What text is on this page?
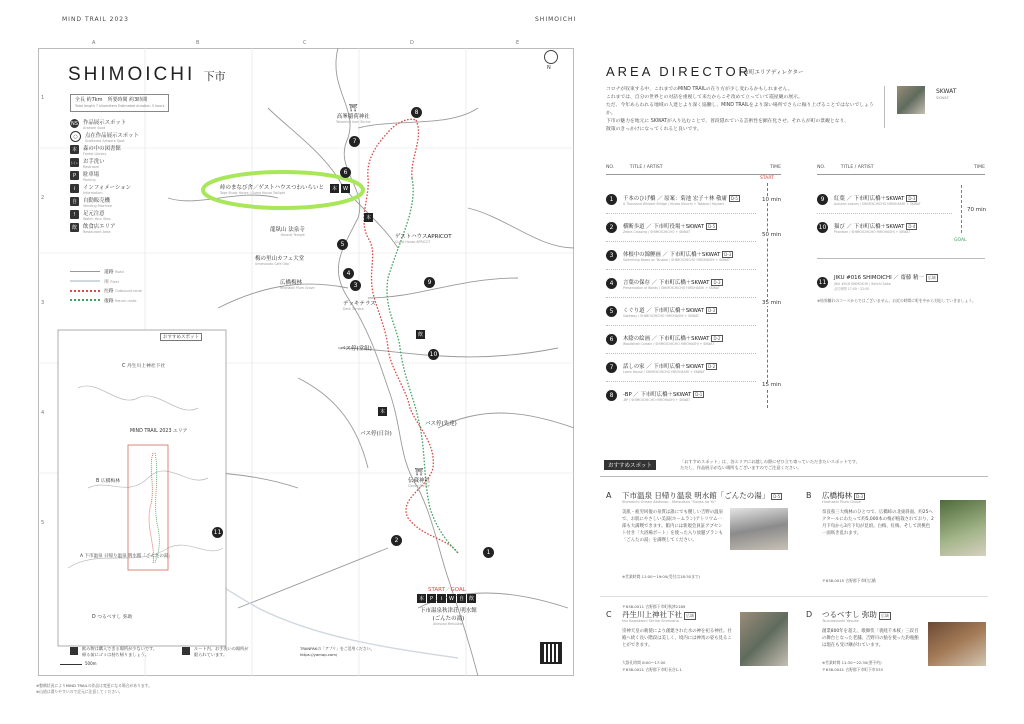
MIND TRAIL 2023	SHIMOICHI
A	B	C	D	E
1
2
3
4
5
SHIMOICHI 下市
全長 約7km　所要時間 約3時間
Total length 7 kilometers Estimated duration 3 hours
N
NS 作品展示スポット
Artwork Spot
○	点在作品展示スポット
Scattered Artwork Spot
本	森の中の図書館
Forest Library
トイレ お手洗い
Restroom
P	駐車場
Parking
i	インフォメーション
Information
自	自動販売機
Vending Machine
!	足元注意
Watch Your Step
飲	飲食店エリア
Restaurant Area
道路 Road
川 River
往路 Outbound route
復路 Return route
⛩
高峯稲荷神社
Takamine Inari Shrine
8
7
6
5
4
3	9
10
2
1
11
峠のまなび舎／ゲストハウスつわいらいと
Toge Study House / Guest House Twilight
本	W
本
龍臥山 法泉寺
Hosenji Temple	ゲストハウスAPRICOT
Guest House APRICOT
梅の里山カフェ大堂
Umenosato Cafe Odo
広橋梅林
Hirohashi Plum Grove
デッキテラス
Deck Terrace
飲
バス停(堂組)
本
バス停(日谷)
バス停(先達)
⛩
伝蔵神社
Denzo Shrine
START／GOAL
本	P	i	W	自 飲
下市温泉秋津荘 明水館
(ごんたの湯)
Akitsuso Meisuikan
おすすめスポット
C 丹生川上神社下社
MIND TRAIL 2023 エリア
B 広橋梅林
A 下市温泉 日帰り温泉 明水館「ごんたの湯」
D つるべすし 弥助
飲み物は購入できる場所が少ないです。
帰る前にゴミは持ち帰りましょう。
ルート内、お手洗いの場所が
限られています。
TRANPAKの「アプリ」をご活用ください。
https://yamap.com/
500m
※整備状況によりMIND TRAILの作品は変更になる場合があります。
※山道は滑りやすいので足元に注意してください。
AREA DIRECTOR
下市町エリアディレクター
コロナが収束する中、これまでのMIND TRAILの在り方が少し変わるかもしれません。
これまでは、自分の世界との対話を重視して来たからこそ改めて立っていて霞屋観の展示。
ただ、今年あらわれる地域の人達とより深く協働し、MIND TRAILをより深い場所でさらに掘り上げることではないでしょうか。
下市の魅力を地元に SKWATが入り込むことで、普段隠れている芸術性を顕在化させ、それらが町の景観となり、
散策のきっかけになってくれると良いです。
SKWAT
SKWAT
NO.	TITLE / ARTIST	TIME
START
1	千本のひげ橋 ／ 原案：菊池 宏子＋林 敬庸 D-5
A Thousand Whisker Bridge / Hiroko Kikuchi + Takanori Hayashi
2	横断歩道 ／ 下市町役場＋SKWAT D-5
Zebra Crossing / SHIMOICHICHO + SKWAT
3	体根中の錦鯉画 ／ 下市町広橋＋SKWAT D-3
Swimming Boxes on Tanakal / SHIMOICHICHO HIROHASHI + SKWAT
4	言葉の保存 ／ 下市町広橋＋SKWAT D-3
Preservation of Words / SHIMOICHICHO HIROHASHI + SKWAT
5	くぐり道 ／ 下市町広橋＋SKWAT D-3
Gateway / SHIMOICHICHO HIROHASHI + SKWAT
6	木陰の絵画 ／ 下市町広橋＋SKWAT D-2
Woodshed Curtain / SHIMOICHICHO HIROHASHI + SKWAT
7	話しの家 ／ 下市町広橋＋SKWAT D-2
Loom House / SHIMOICHICHO HIROHASHI + SKWAT
8	-BP ／ 下市町広橋＋SKWAT D-1
-BP / SHIMOICHICHO HIROHASHI + SKWAT
10 min
50 min
35 min
15 min
NO.	TITLE / ARTIST	TIME
9	紅葉 ／ 下市町広橋＋SKWAT D-3
Autumn Leaves / SHIMOICHICHO HIROHASHI + SKWAT
10	猫び ／ 下市町広橋＋SKWAT D-4
Phantom / SHIMOICHICHO HIROHASHI + SKWAT
70 min
GOAL
11
JIKU #016 SHIMOICHI ／ 齋藤 精一 広域
JIKU #016 SHIMOICHI / Seiichi Saito
点灯時間 17:00〜22:00
※結界離れのコースからではございません。お近の時間に町を中から対応していきましょう。
おすすめスポット
「おすすめスポット」は、各エリアにお越しの際にぜひ立ち寄っていただきたいスポットです。
ただし、作品展示がない場所もございますのでご注意ください。
A 下市温泉 日帰り温泉 明水館「ごんたの湯」 D-5
Shimoichi Onsen Akitsuso - Meisuikan "Gonta no Yu"
美肌・疲労回復の泉質は誰にでも優しい吉野の温泉で、お肌にやさしい美湯(ホームラン)アトリウム一部も大満喫できます。館内には新規会員証アブセント付き「大浴場ボート」を使った入り放題プランも「ごんたの湯」を満喫してください。
※営業時間 11:00〜19:00(受付は18:30まで)
〒638-0011 吉野郡下市町秋津2189
B 広橋梅林 D-3
Hirohashi Plum Grove
奈良県三大梅林のひとつで、広橋峠の北東斜面、約25ヘクタールにわたって約5,000本の梅が植栽されており、2月下旬から3月下旬が見頃。白梅、紅梅、そして淡桃色一面咲き乱れます。
〒638-0015 吉野郡下市町広橋
C 丹生川上神社下社 広域
Niu Kawakami Shrine Shimosha
崇神天皇の勅使により創建された水の神を祀る神社。社殿へ続く長い階段は美しく、境内には神馬の姿も見ることができます。
大祭礼時間 8:00〜17:00
〒638-0021 吉野郡下市町長谷1-1
D つるべすし 弥助 広域
Tsurubezushi Yasuke
創業800年を超え、歌舞伎「義経千本桜」三段目の舞台となった老舗。吉野川の鮎を使った釣瓶鮨は現在も受け継がれています。
※営業時間 11:30〜22:30(要予約)
〒638-0041 吉野郡下市町下市533
